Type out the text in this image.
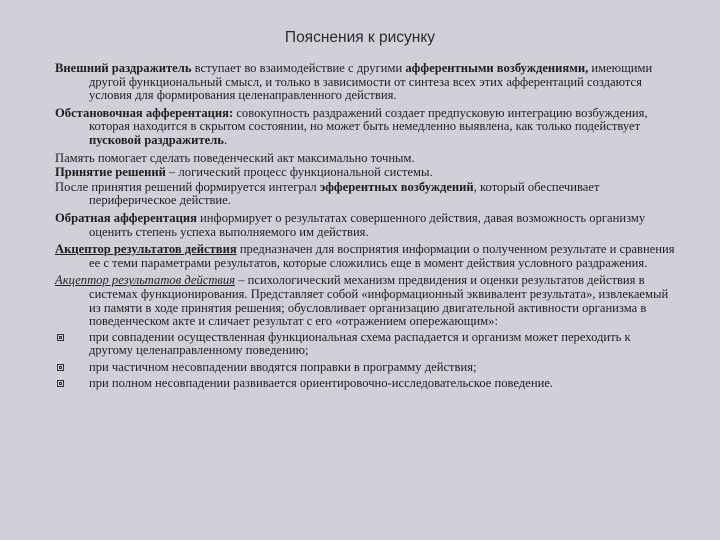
Пояснения к рисунку

Внешний раздражитель вступает во взаимодействие с другими афферентными возбуждениями, имеющими другой функциональный смысл, и только в зависимости от синтеза всех этих афферентаций создаются условия для формирования целенаправленного действия.

Обстановочная афферентация: совокупность раздражений создает предпусковую интеграцию возбуждения, которая находится в скрытом состоянии, но может быть немедленно выявлена, как только подействует пусковой раздражитель.

Память помогает сделать поведенческий акт максимально точным.

Принятие решений – логический процесс функциональной системы.

После принятия решений формируется интеграл эфферентных возбуждений, который обеспечивает периферическое действие.

Обратная афферентация информирует о результатах совершенного действия, давая возможность организму оценить степень успеха выполняемого им действия.

Акцептор результатов действия предназначен для восприятия информации о полученном результате и сравнения ее с теми параметрами результатов, которые сложились еще в момент действия условного раздражения.

Акцептор результатов действия – психологический механизм предвидения и оценки результатов действия в системах функционирования. Представляет собой «информационный эквивалент результата», извлекаемый из памяти в ходе принятия решения; обусловливает организацию двигательной активности организма в поведенческом акте и сличает результат с его «отражением опережающим»:

при совпадении осуществленная функциональная схема распадается и организм может переходить к другому целенаправленному поведению;
при частичном несовпадении вводятся поправки в программу действия;
при полном несовпадении развивается ориентировочно-исследовательское поведение.
